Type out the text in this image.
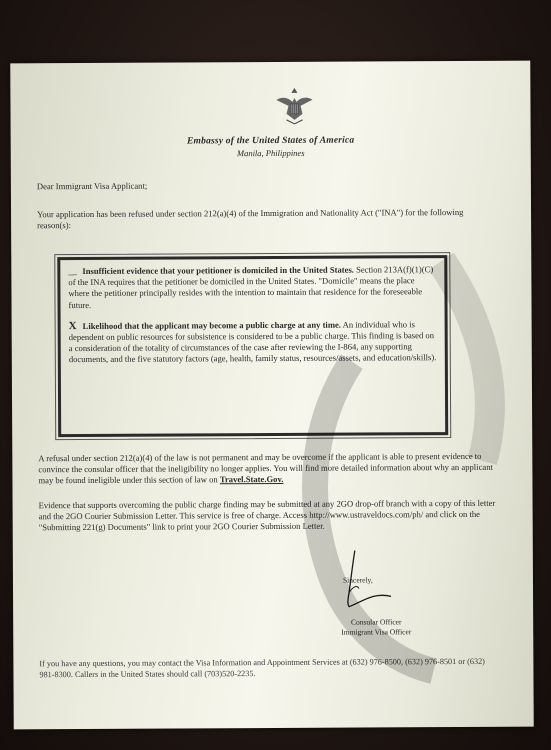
Embassy of the United States of America
Manila, Philippines
Dear Immigrant Visa Applicant;
Your application has been refused under section 212(a)(4) of the Immigration and Nationality Act ("INA") for the following reason(s):

__ Insufficient evidence that your petitioner is domiciled in the United States. Section 213A(f)(1)(C) of the INA requires that the petitioner be domiciled in the United States. "Domicile" means the place where the petitioner principally resides with the intention to maintain that residence for the foreseeable future.

X Likelihood that the applicant may become a public charge at any time. An individual who is dependent on public resources for subsistence is considered to be a public charge. This finding is based on a consideration of the totality of circumstances of the case after reviewing the I-864, any supporting documents, and the five statutory factors (age, health, family status, resources/assets, and education/skills).

A refusal under section 212(a)(4) of the law is not permanent and may be overcome if the applicant is able to present evidence to convince the consular officer that the ineligibility no longer applies. You will find more detailed information about why an applicant may be found ineligible under this section of law on Travel.State.Gov.
Evidence that supports overcoming the public charge finding may be submitted at any 2GO drop-off branch with a copy of this letter and the 2GO Courier Submission Letter. This service is free of charge. Access http://www.ustraveldocs.com/ph/ and click on the "Submitting 221(g) Documents" link to print your 2GO Courier Submission Letter.
Sincerely,
Consular Officer
Immigrant Visa Officer
If you have any questions, you may contact the Visa Information and Appointment Services at (632) 976-8500, (632) 976-8501 or (632) 981-8300. Callers in the United States should call (703)520-2235.
